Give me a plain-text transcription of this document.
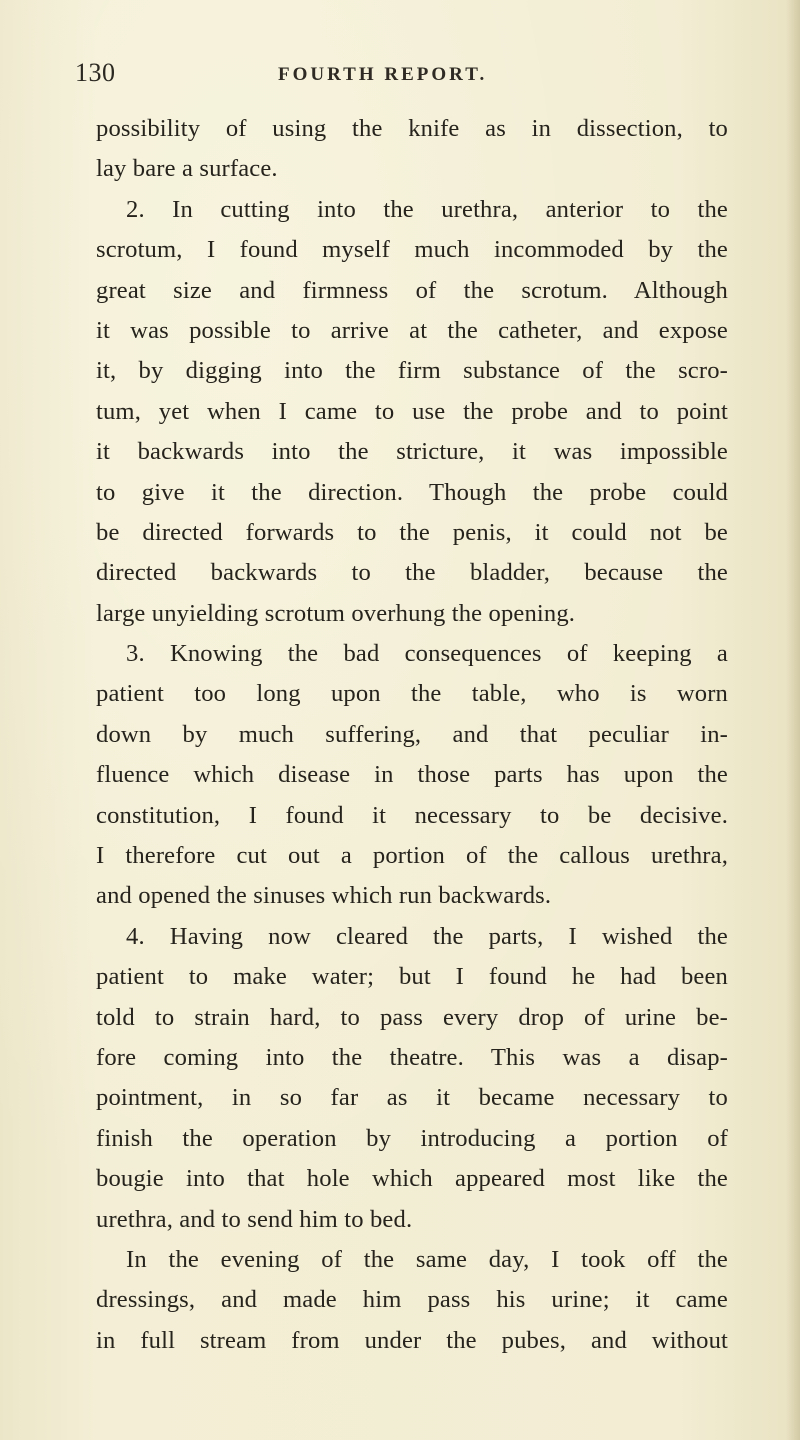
130	FOURTH REPORT.
possibility of using the knife as in dissection, to
lay bare a surface.
2. In cutting into the urethra, anterior to the
scrotum, I found myself much incommoded by the
great size and firmness of the scrotum. Although
it was possible to arrive at the catheter, and expose
it, by digging into the firm substance of the scro-
tum, yet when I came to use the probe and to point
it backwards into the stricture, it was impossible
to give it the direction. Though the probe could
be directed forwards to the penis, it could not be
directed backwards to the bladder, because the
large unyielding scrotum overhung the opening.
3. Knowing the bad consequences of keeping a
patient too long upon the table, who is worn
down by much suffering, and that peculiar in-
fluence which disease in those parts has upon the
constitution, I found it necessary to be decisive.
I therefore cut out a portion of the callous urethra,
and opened the sinuses which run backwards.
4. Having now cleared the parts, I wished the
patient to make water; but I found he had been
told to strain hard, to pass every drop of urine be-
fore coming into the theatre. This was a disap-
pointment, in so far as it became necessary to
finish the operation by introducing a portion of
bougie into that hole which appeared most like the
urethra, and to send him to bed.
In the evening of the same day, I took off the
dressings, and made him pass his urine; it came
in full stream from under the pubes, and without
